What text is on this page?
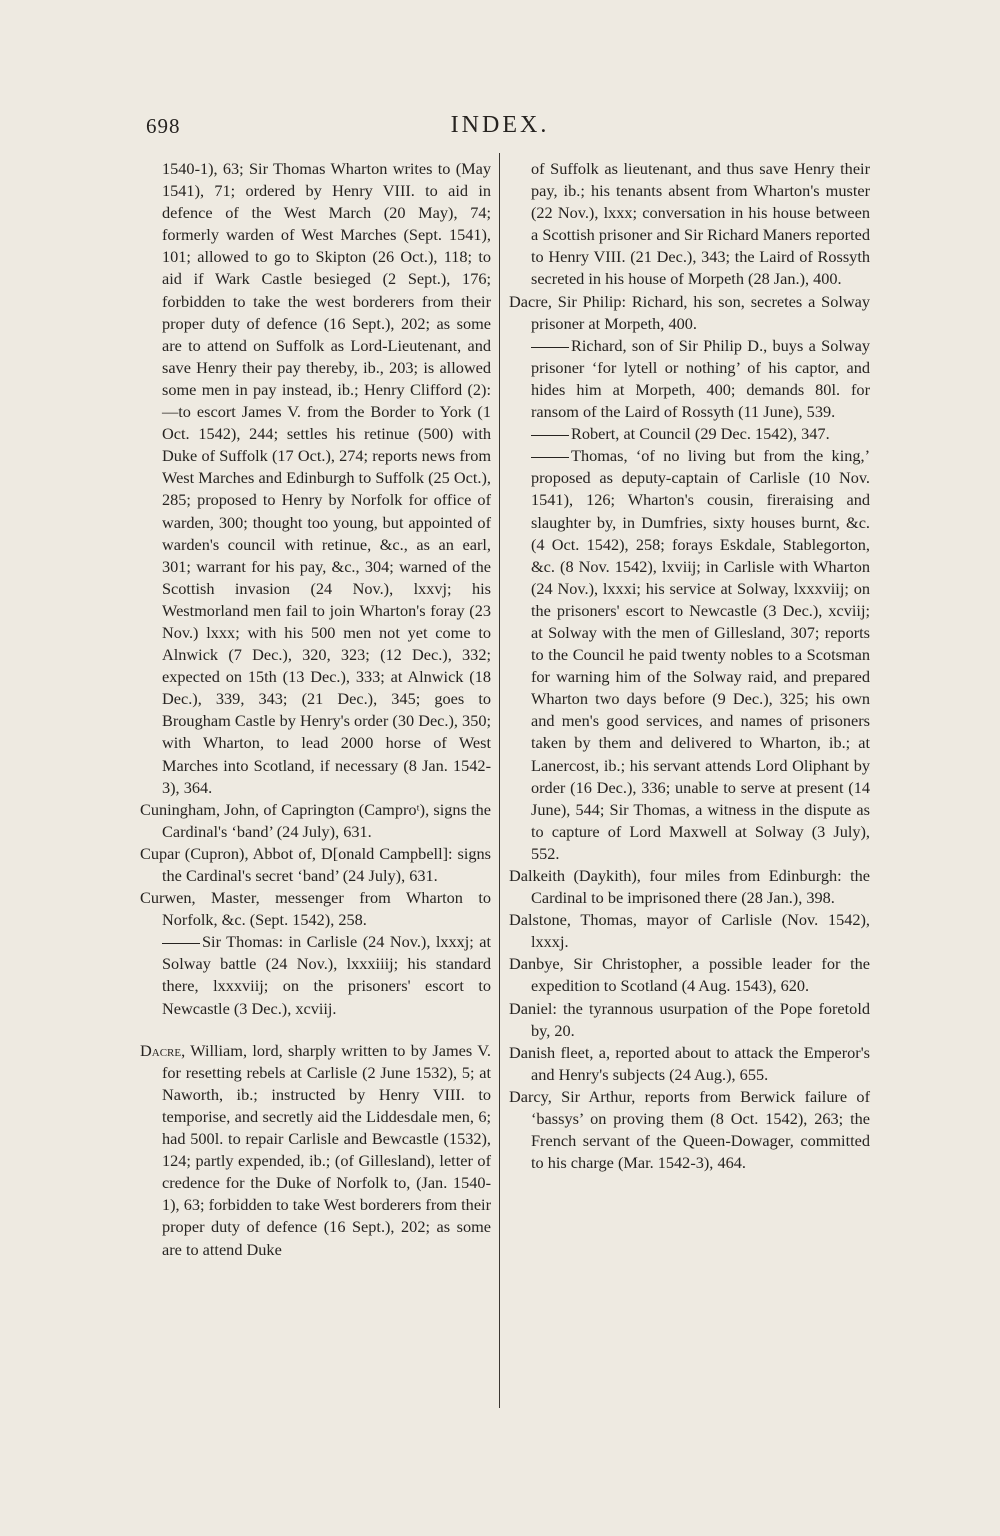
698	INDEX.

1540-1), 63; Sir Thomas Wharton writes to (May 1541), 71; ordered by Henry VIII. to aid in defence of the West March (20 May), 74; formerly warden of West Marches (Sept. 1541), 101; allowed to go to Skipton (26 Oct.), 118; to aid if Wark Castle besieged (2 Sept.), 176; forbidden to take the west borderers from their proper duty of defence (16 Sept.), 202; as some are to attend on Suffolk as Lord-Lieutenant, and save Henry their pay thereby, ib., 203; is allowed some men in pay instead, ib.; Henry Clifford (2):—to escort James V. from the Border to York (1 Oct. 1542), 244; settles his retinue (500) with Duke of Suffolk (17 Oct.), 274; reports news from West Marches and Edinburgh to Suffolk (25 Oct.), 285; proposed to Henry by Norfolk for office of warden, 300; thought too young, but appointed of warden's council with retinue, &c., as an earl, 301; warrant for his pay, &c., 304; warned of the Scottish invasion (24 Nov.), lxxvj; his Westmorland men fail to join Wharton's foray (23 Nov.) lxxx; with his 500 men not yet come to Alnwick (7 Dec.), 320, 323; (12 Dec.), 332; expected on 15th (13 Dec.), 333; at Alnwick (18 Dec.), 339, 343; (21 Dec.), 345; goes to Brougham Castle by Henry's order (30 Dec.), 350; with Wharton, to lead 2000 horse of West Marches into Scotland, if necessary (8 Jan. 1542-3), 364.

Cuningham, John, of Caprington (Camproᵗ), signs the Cardinal's ‘band’ (24 July), 631.

Cupar (Cupron), Abbot of, D[onald Campbell]: signs the Cardinal's secret ‘band’ (24 July), 631.

Curwen, Master, messenger from Wharton to Norfolk, &c. (Sept. 1542), 258.

Sir Thomas: in Carlisle (24 Nov.), lxxxj; at Solway battle (24 Nov.), lxxxiiij; his standard there, lxxxviij; on the prisoners' escort to Newcastle (3 Dec.), xcviij.

Dacre, William, lord, sharply written to by James V. for resetting rebels at Carlisle (2 June 1532), 5; at Naworth, ib.; instructed by Henry VIII. to temporise, and secretly aid the Liddesdale men, 6; had 500l. to repair Carlisle and Bewcastle (1532), 124; partly expended, ib.; (of Gillesland), letter of credence for the Duke of Norfolk to, (Jan. 1540-1), 63; forbidden to take West borderers from their proper duty of defence (16 Sept.), 202; as some are to attend Duke

of Suffolk as lieutenant, and thus save Henry their pay, ib.; his tenants absent from Wharton's muster (22 Nov.), lxxx; conversation in his house between a Scottish prisoner and Sir Richard Maners reported to Henry VIII. (21 Dec.), 343; the Laird of Rossyth secreted in his house of Morpeth (28 Jan.), 400.

Dacre, Sir Philip: Richard, his son, secretes a Solway prisoner at Morpeth, 400.

Richard, son of Sir Philip D., buys a Solway prisoner ‘for lytell or nothing’ of his captor, and hides him at Morpeth, 400; demands 80l. for ransom of the Laird of Rossyth (11 June), 539.

Robert, at Council (29 Dec. 1542), 347.

Thomas, ‘of no living but from the king,’ proposed as deputy-captain of Carlisle (10 Nov. 1541), 126; Wharton's cousin, fireraising and slaughter by, in Dumfries, sixty houses burnt, &c. (4 Oct. 1542), 258; forays Eskdale, Stablegorton, &c. (8 Nov. 1542), lxviij; in Carlisle with Wharton (24 Nov.), lxxxi; his service at Solway, lxxxviij; on the prisoners' escort to Newcastle (3 Dec.), xcviij; at Solway with the men of Gillesland, 307; reports to the Council he paid twenty nobles to a Scotsman for warning him of the Solway raid, and prepared Wharton two days before (9 Dec.), 325; his own and men's good services, and names of prisoners taken by them and delivered to Wharton, ib.; at Lanercost, ib.; his servant attends Lord Oliphant by order (16 Dec.), 336; unable to serve at present (14 June), 544; Sir Thomas, a witness in the dispute as to capture of Lord Maxwell at Solway (3 July), 552.

Dalkeith (Daykith), four miles from Edinburgh: the Cardinal to be imprisoned there (28 Jan.), 398.

Dalstone, Thomas, mayor of Carlisle (Nov. 1542), lxxxj.

Danbye, Sir Christopher, a possible leader for the expedition to Scotland (4 Aug. 1543), 620.

Daniel: the tyrannous usurpation of the Pope foretold by, 20.

Danish fleet, a, reported about to attack the Emperor's and Henry's subjects (24 Aug.), 655.

Darcy, Sir Arthur, reports from Berwick failure of ‘bassys’ on proving them (8 Oct. 1542), 263; the French servant of the Queen-Dowager, committed to his charge (Mar. 1542-3), 464.
